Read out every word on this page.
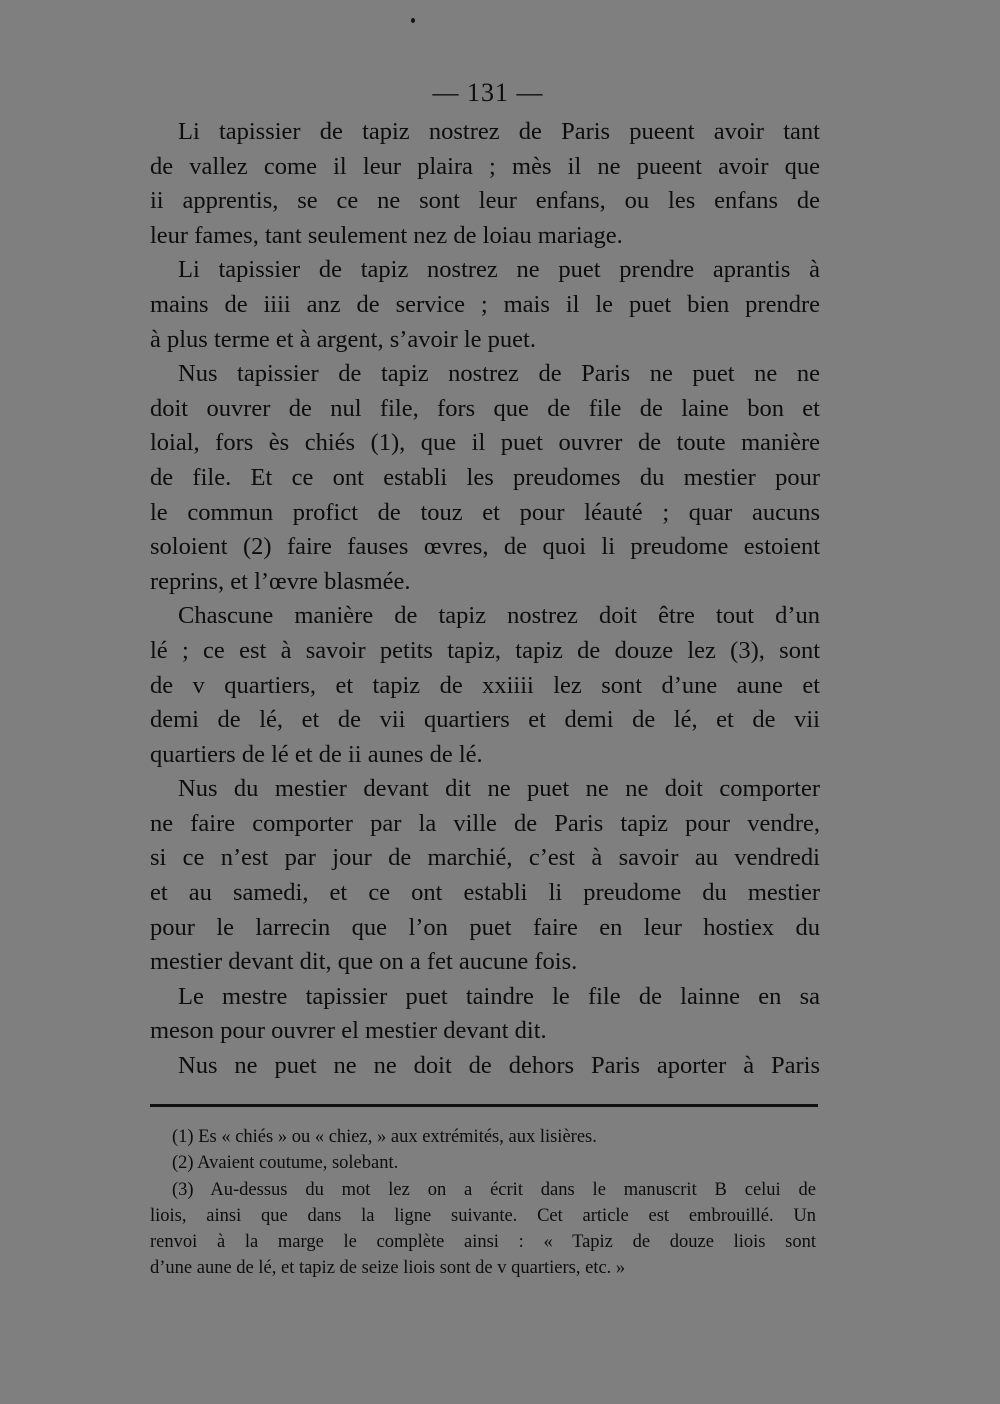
— 131 —
Li tapissier de tapiz nostrez de Paris pueent avoir tant
de vallez come il leur plaira ; mès il ne pueent avoir que
ii apprentis, se ce ne sont leur enfans, ou les enfans de
leur fames, tant seulement nez de loiau mariage.
Li tapissier de tapiz nostrez ne puet prendre aprantis à
mains de iiii anz de service ; mais il le puet bien prendre
à plus terme et à argent, s’avoir le puet.
Nus tapissier de tapiz nostrez de Paris ne puet ne ne
doit ouvrer de nul file, fors que de file de laine bon et
loial, fors ès chiés (1), que il puet ouvrer de toute manière
de file. Et ce ont establi les preudomes du mestier pour
le commun profict de touz et pour léauté ; quar aucuns
soloient (2) faire fauses œvres, de quoi li preudome estoient
reprins, et l’œvre blasmée.
Chascune manière de tapiz nostrez doit être tout d’un
lé ; ce est à savoir petits tapiz, tapiz de douze lez (3), sont
de v quartiers, et tapiz de xxiiii lez sont d’une aune et
demi de lé, et de vii quartiers et demi de lé, et de vii
quartiers de lé et de ii aunes de lé.
Nus du mestier devant dit ne puet ne ne doit comporter
ne faire comporter par la ville de Paris tapiz pour vendre,
si ce n’est par jour de marchié, c’est à savoir au vendredi
et au samedi, et ce ont establi li preudome du mestier
pour le larrecin que l’on puet faire en leur hostiex du
mestier devant dit, que on a fet aucune fois.
Le mestre tapissier puet taindre le file de lainne en sa
meson pour ouvrer el mestier devant dit.
Nus ne puet ne ne doit de dehors Paris aporter à Paris
(1) Es « chiés » ou « chiez, » aux extrémités, aux lisières.
(2) Avaient coutume, solebant.
(3) Au-dessus du mot lez on a écrit dans le manuscrit B celui de
liois, ainsi que dans la ligne suivante. Cet article est embrouillé. Un
renvoi à la marge le complète ainsi : « Tapiz de douze liois sont
d’une aune de lé, et tapiz de seize liois sont de v quartiers, etc. »
